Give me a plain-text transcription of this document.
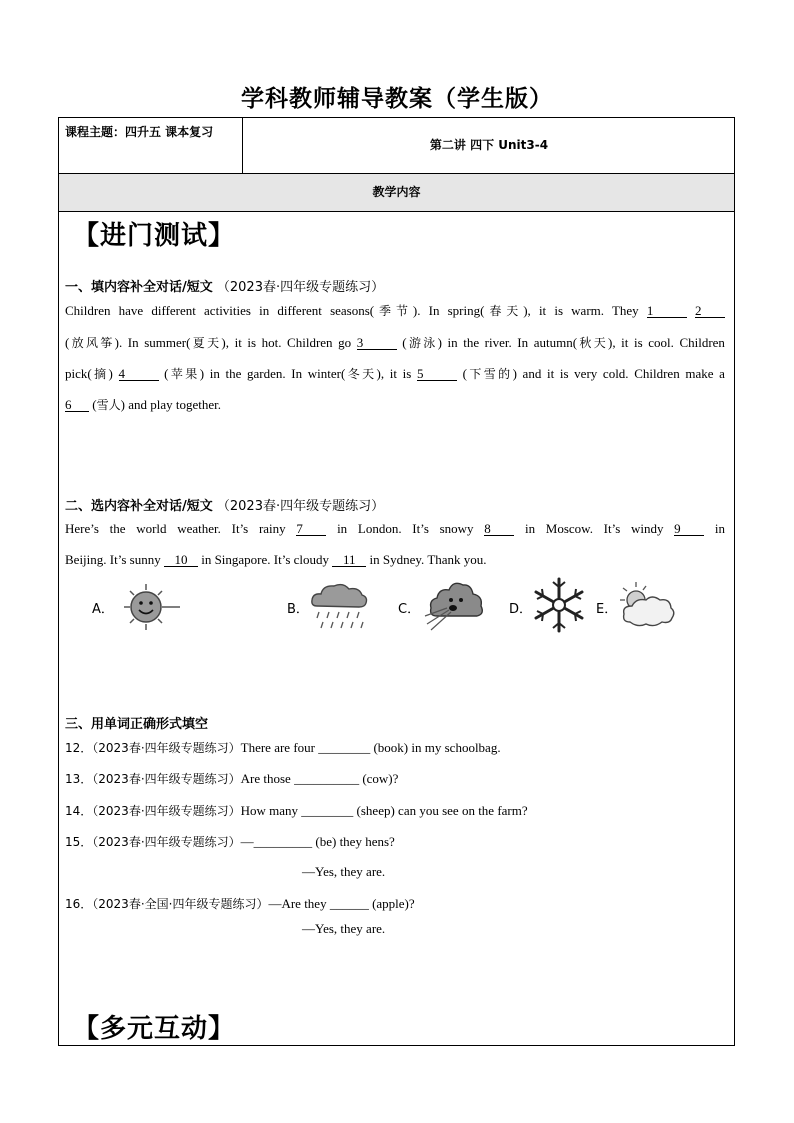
学科教师辅导教案（学生版）
课程主题：四升五 课本复习
第二讲 四下 Unit3-4
教学内容
【进门测试】
一、填内容补全对话/短文 （2023春·四年级专题练习）
Children have different activities in different seasons(季节). In spring(春天), it is warm. They 1	2
(放风筝). In summer(夏天), it is hot. Children go 3	(游泳) in the river. In autumn(秋天), it is cool. Children
pick(摘) 4	(苹果) in the garden. In winter(冬天), it is 5	(下雪的) and it is very cold. Children make a
6 (雪人) and play together.
二、选内容补全对话/短文 （2023春·四年级专题练习）
Here’s the world weather. It’s rainy 7	in London. It’s snowy 8	in Moscow. It’s windy 9	in
Beijing. It’s sunny 10 in Singapore. It’s cloudy 11 in Sydney. Thank you.
A．	B．	C．	D．	E．
三、用单词正确形式填空
12．（2023春·四年级专题练习）There are four ________ (book) in my schoolbag.
13．（2023春·四年级专题练习）Are those __________ (cow)?
14．（2023春·四年级专题练习）How many ________ (sheep) can you see on the farm?
15．（2023春·四年级专题练习）—_________ (be) they hens?
—Yes, they are.
16．（2023春·全国·四年级专题练习）—Are they ______ (apple)?
—Yes, they are.
【多元互动】
